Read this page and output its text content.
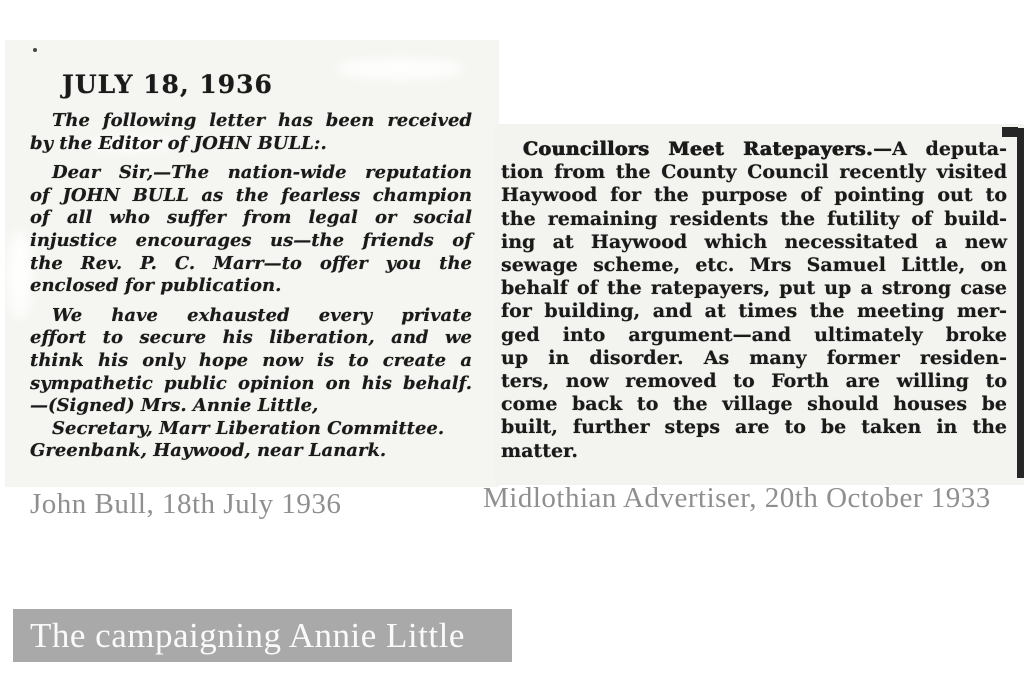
JULY 18, 1936
The following letter has been received
by the Editor of JOHN BULL:.
Dear Sir,—The nation-wide reputation
of JOHN BULL as the fearless champion
of all who suffer from legal or social
injustice encourages us—the friends of
the Rev. P. C. Marr—to offer you the
enclosed for publication.
We have exhausted every private
effort to secure his liberation, and we
think his only hope now is to create a
sympathetic public opinion on his behalf.
—(Signed) Mrs. Annie Little,
Secretary, Marr Liberation Committee.
Greenbank, Haywood, near Lanark.
Councillors Meet Ratepayers.—A deputa-
tion from the County Council recently visited
Haywood for the purpose of pointing out to
the remaining residents the futility of build-
ing at Haywood which necessitated a new
sewage scheme, etc. Mrs Samuel Little, on
behalf of the ratepayers, put up a strong case
for building, and at times the meeting mer-
ged into argument—and ultimately broke
up in disorder. As many former residen-
ters, now removed to Forth are willing to
come back to the village should houses be
built, further steps are to be taken in the
matter.
John Bull, 18th July 1936	Midlothian Advertiser, 20th October 1933
The campaigning Annie Little
